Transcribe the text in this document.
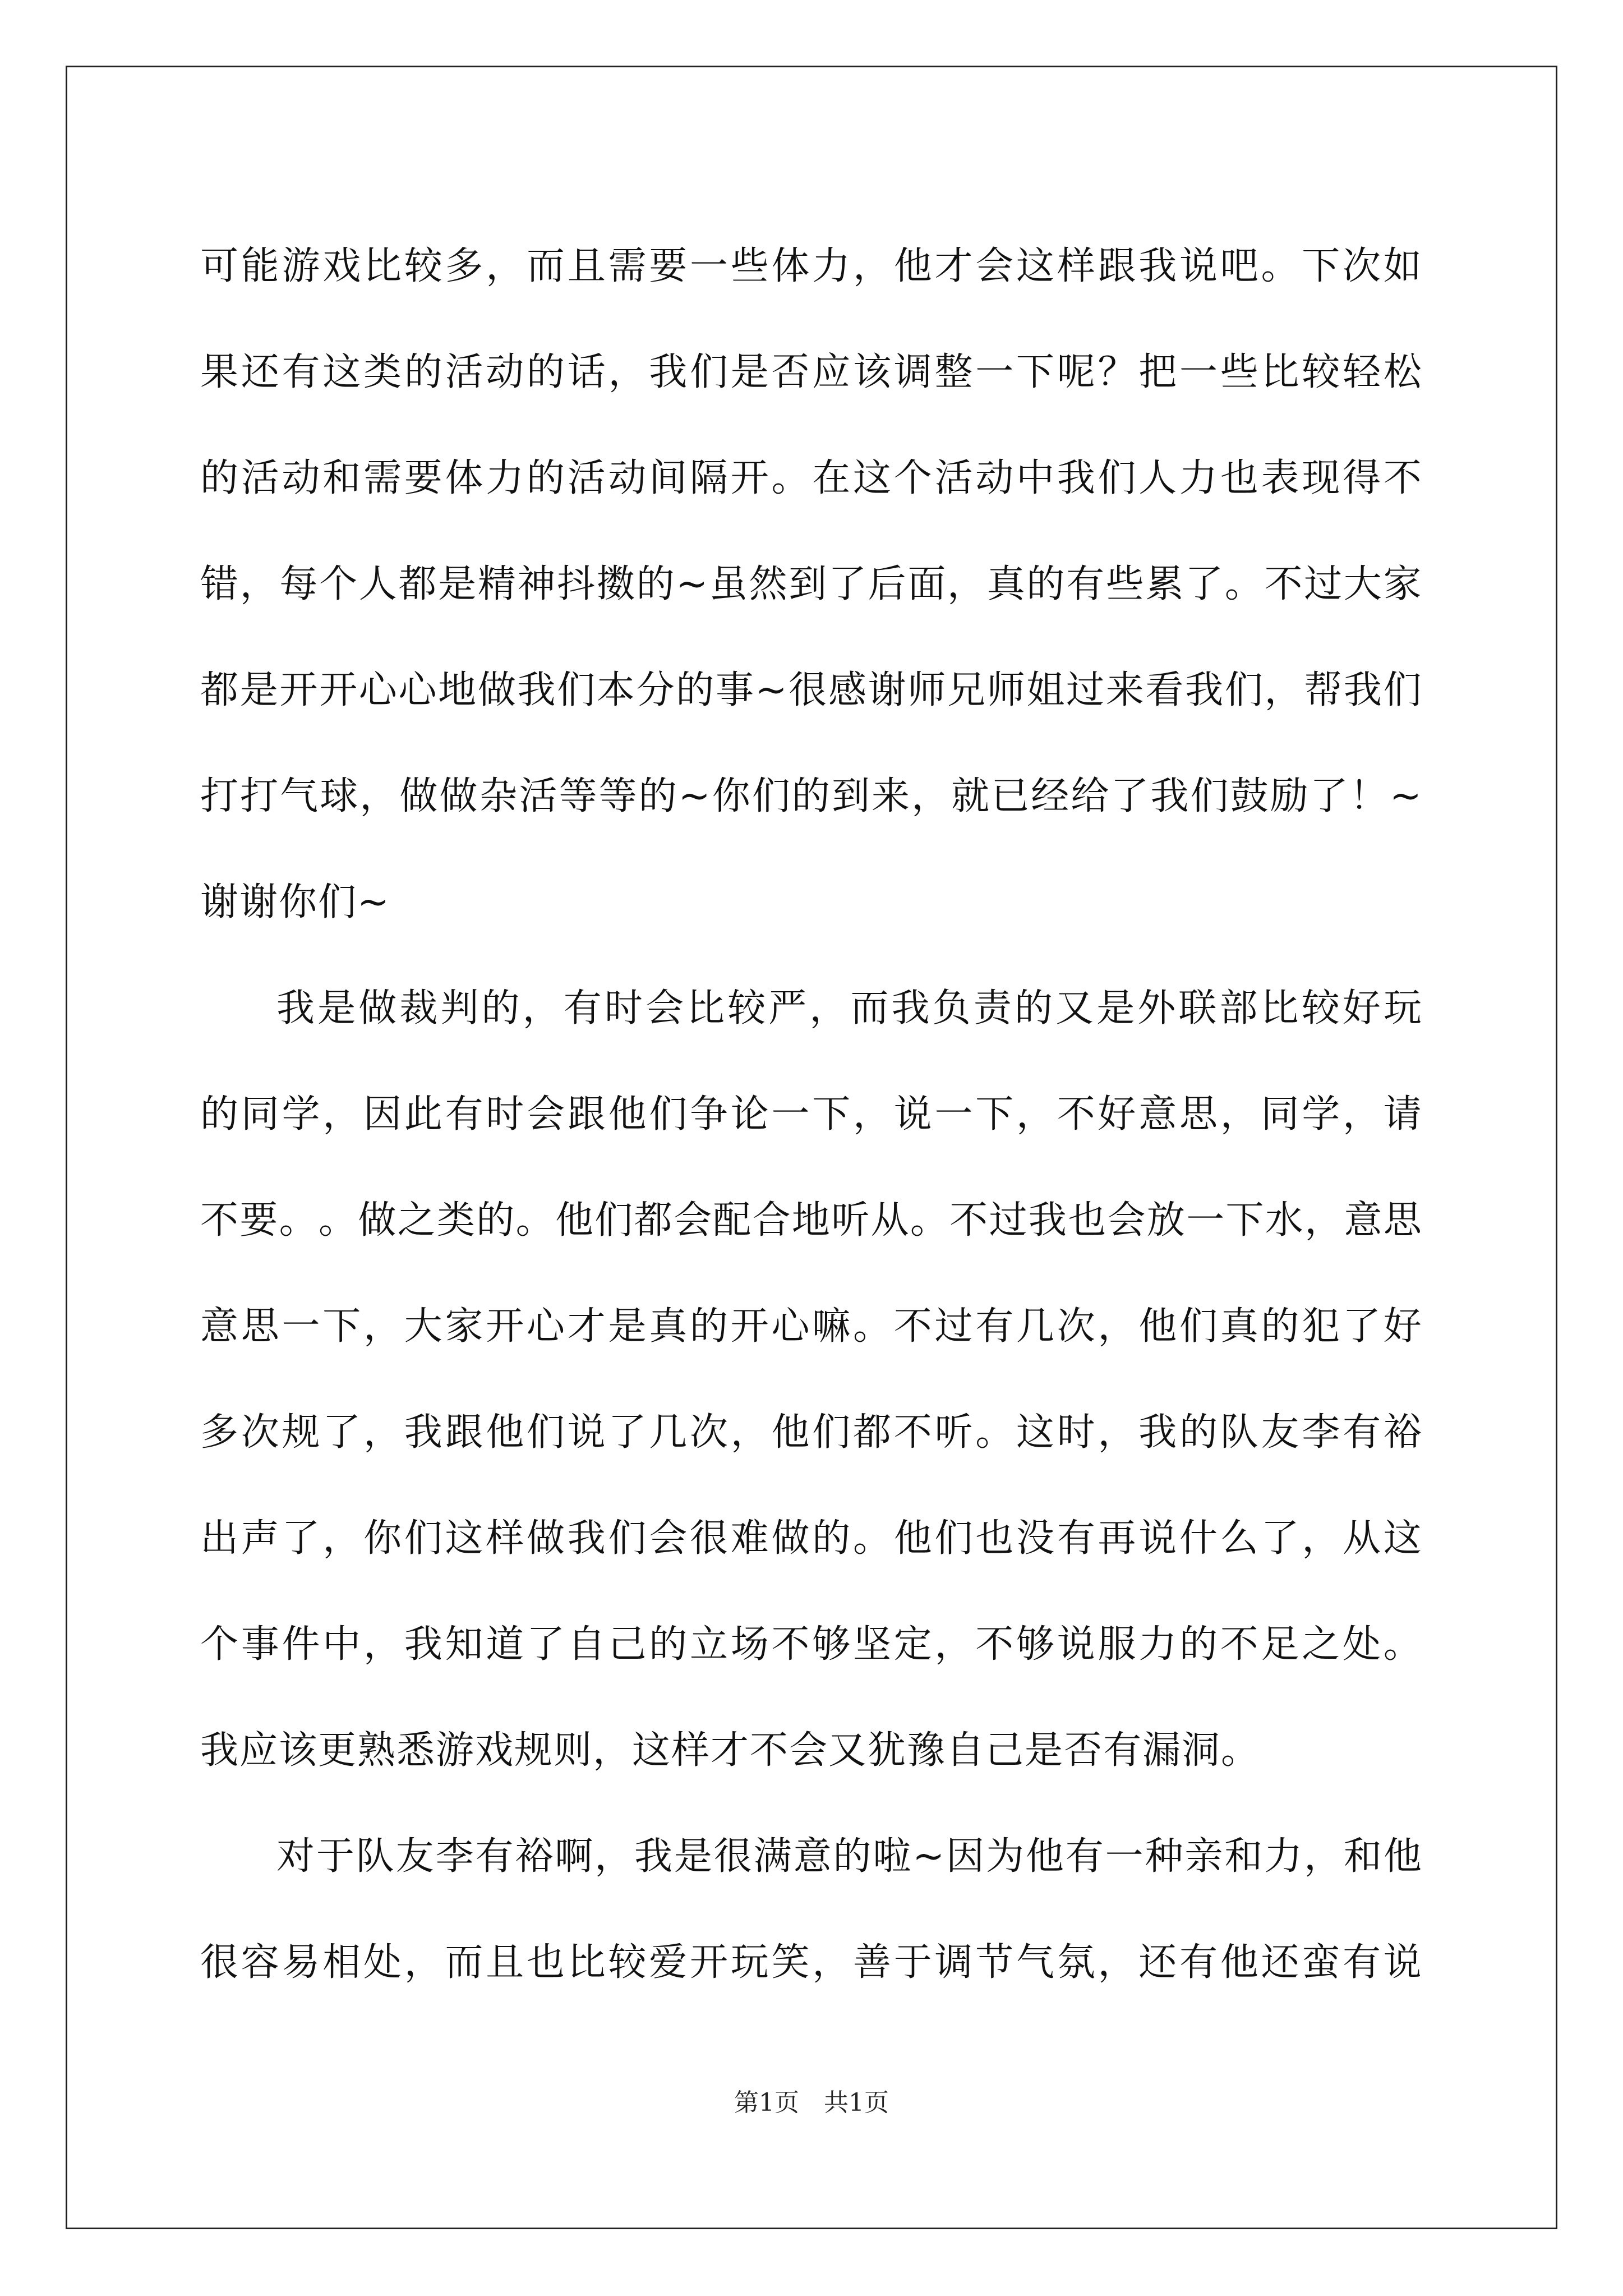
可 能 游 戏 比 较 多 ， 而 且 需 要 一 些 体 力 ， 他 才 会 这 样 跟 我 说 吧 。 下 次 如
果 还 有 这 类 的 活 动 的 话 ， 我 们 是 否 应 该 调 整 一 下 呢 ？ 把 一 些 比 较 轻 松
的 活 动 和 需 要 体 力 的 活 动 间 隔 开 。 在 这 个 活 动 中 我 们 人 力 也 表 现 得 不
错 ， 每 个 人 都 是 精 神 抖 擞 的 ~ 虽 然 到 了 后 面 ， 真 的 有 些 累 了 。 不 过 大 家
都 是 开 开 心 心 地 做 我 们 本 分 的 事 ~ 很 感 谢 师 兄 师 姐 过 来 看 我 们 ， 帮 我 们
打 打 气 球 ， 做 做 杂 活 等 等 的 ~ 你 们 的 到 来 ， 就 已 经 给 了 我 们 鼓 励 了 ！ ~
谢谢你们~
我 是 做 裁 判 的 ， 有 时 会 比 较 严 ， 而 我 负 责 的 又 是 外 联 部 比 较 好 玩
的 同 学 ， 因 此 有 时 会 跟 他 们 争 论 一 下 ， 说 一 下 ， 不 好 意 思 ， 同 学 ， 请
不 要 。 。 做 之 类 的 。 他 们 都 会 配 合 地 听 从 。 不 过 我 也 会 放 一 下 水 ， 意 思
意 思 一 下 ， 大 家 开 心 才 是 真 的 开 心 嘛 。 不 过 有 几 次 ， 他 们 真 的 犯 了 好
多 次 规 了 ， 我 跟 他 们 说 了 几 次 ， 他 们 都 不 听 。 这 时 ， 我 的 队 友 李 有 裕
出 声 了 ， 你 们 这 样 做 我 们 会 很 难 做 的 。 他 们 也 没 有 再 说 什 么 了 ， 从 这
个 事 件 中 ， 我 知 道 了 自 己 的 立 场 不 够 坚 定 ， 不 够 说 服 力 的 不 足 之 处 。
我应该更熟悉游戏规则，这样才不会又犹豫自己是否有漏洞。
对 于 队 友 李 有 裕 啊 ， 我 是 很 满 意 的 啦 ~ 因 为 他 有 一 种 亲 和 力 ， 和 他
很 容 易 相 处 ， 而 且 也 比 较 爱 开 玩 笑 ， 善 于 调 节 气 氛 ， 还 有 他 还 蛮 有 说
第1页　共1页
